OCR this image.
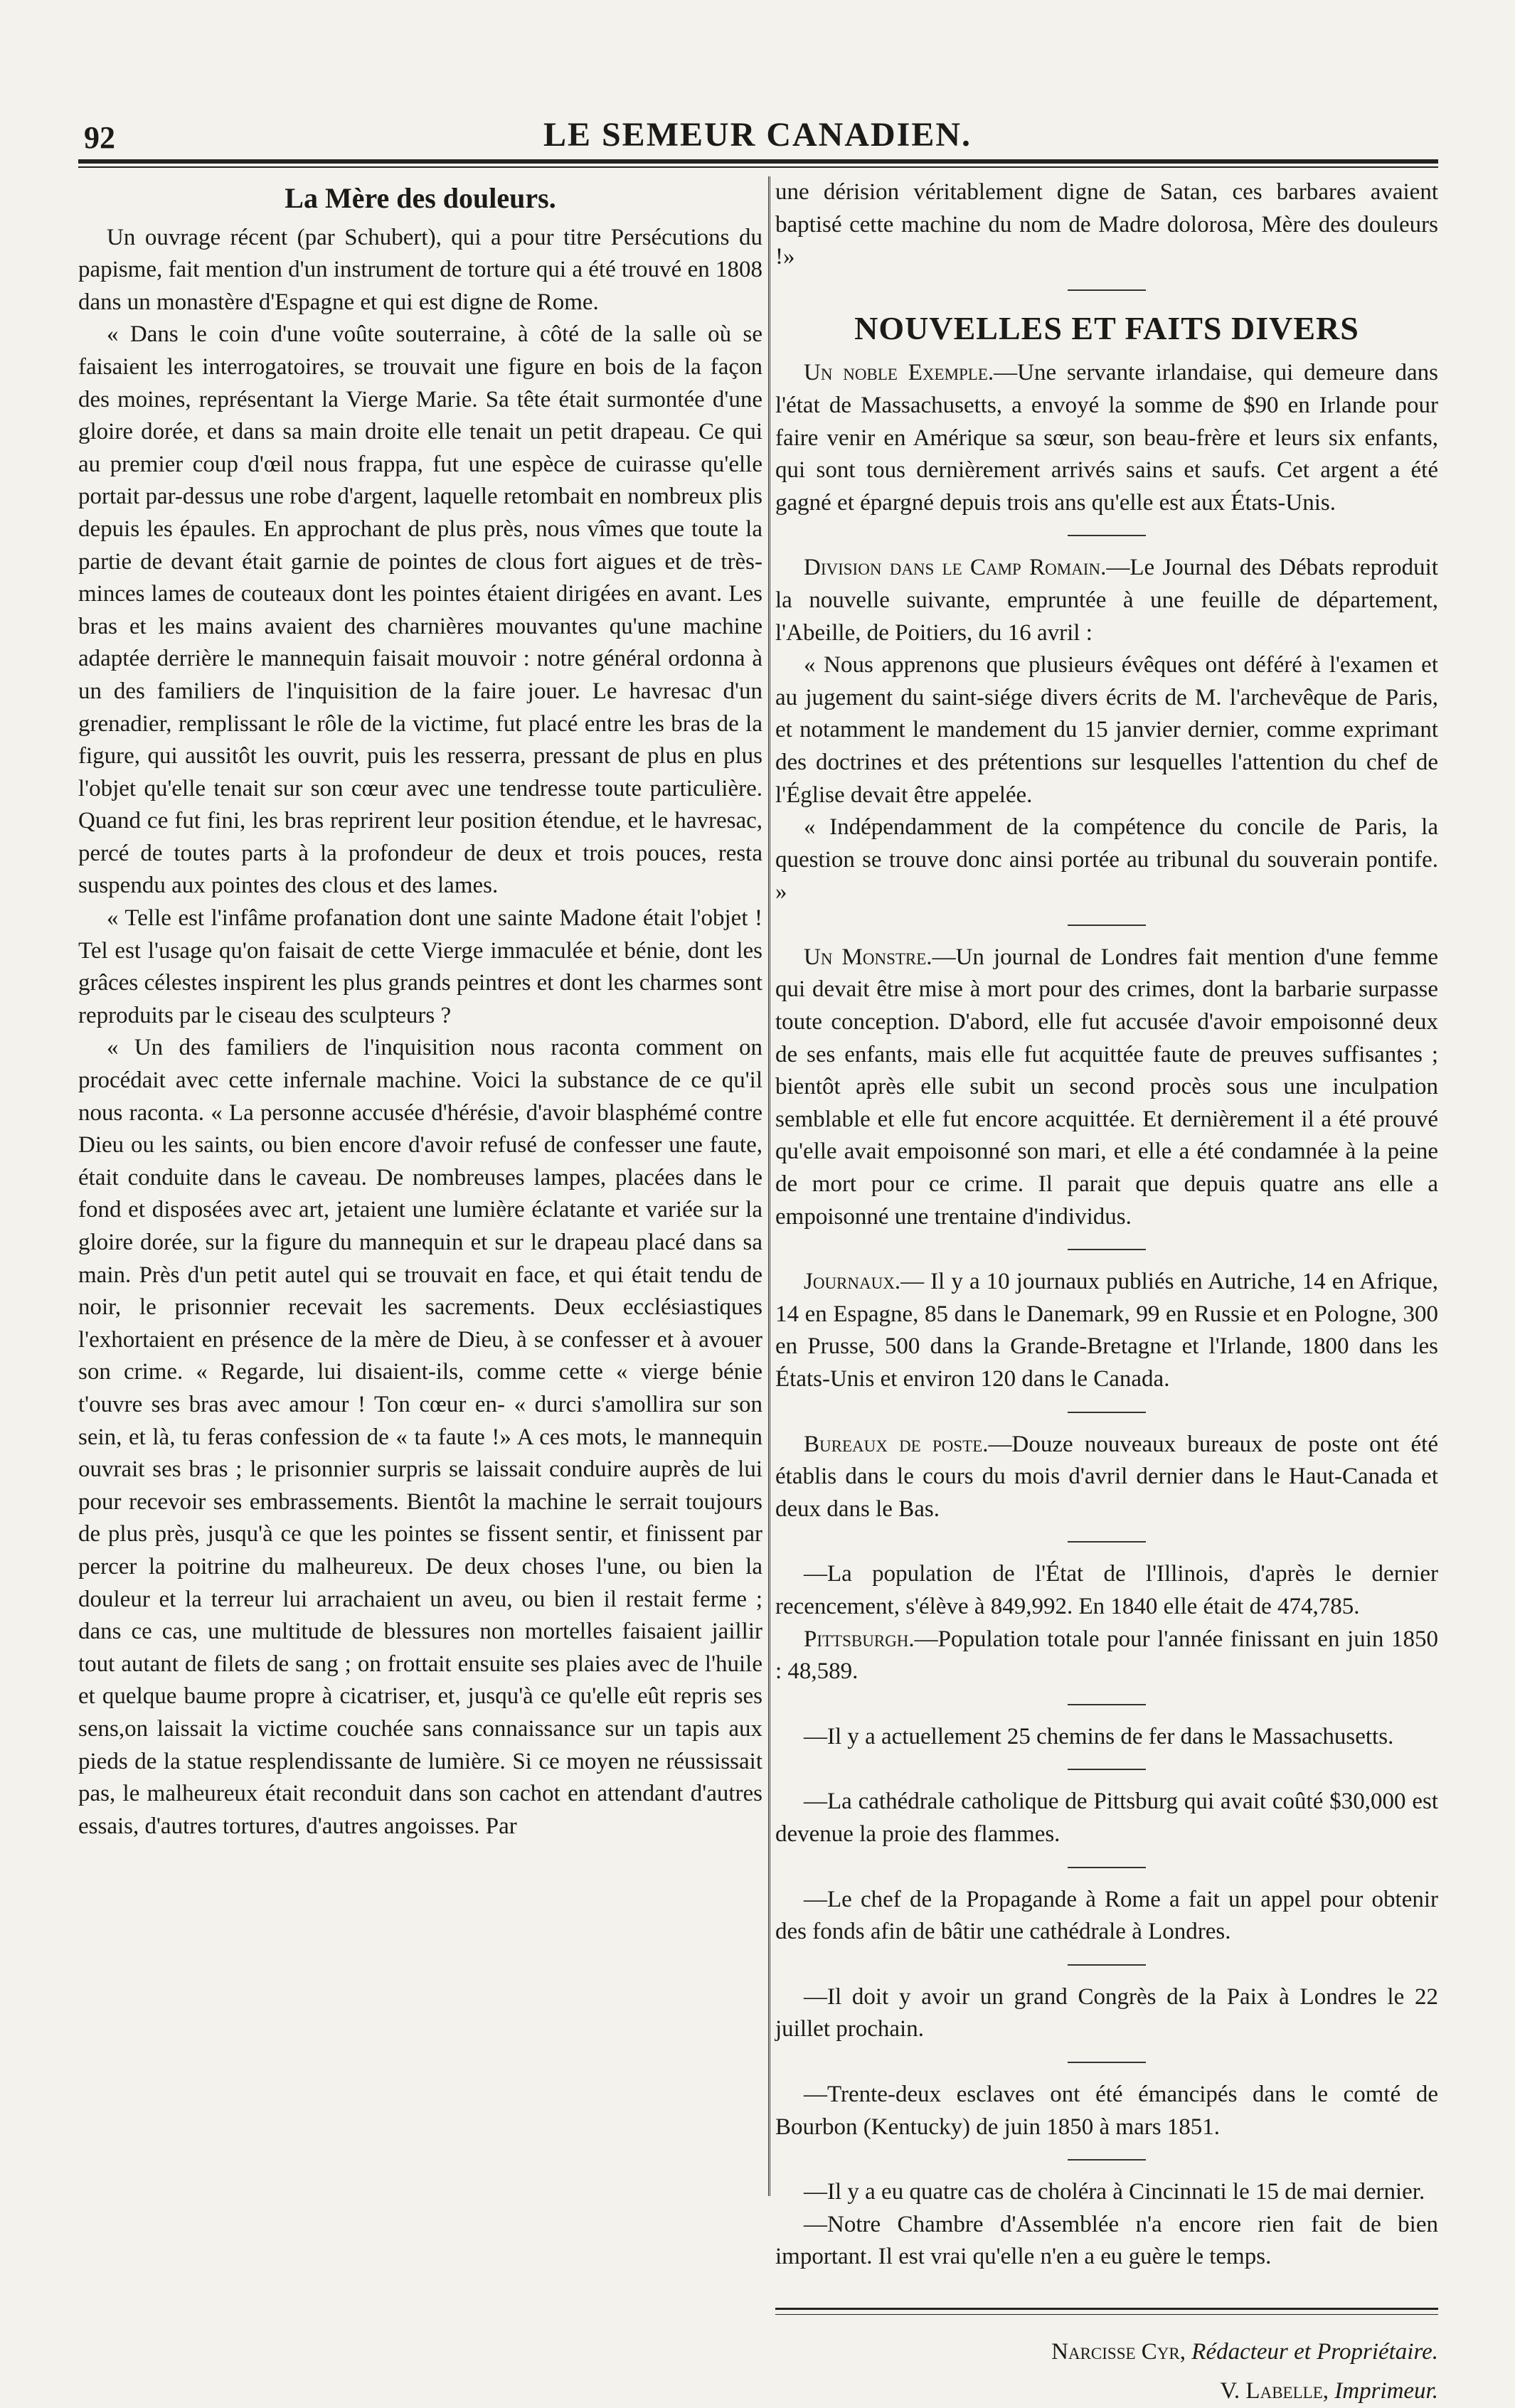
92	LE SEMEUR CANADIEN.

La Mère des douleurs.

Un ouvrage récent (par Schubert), qui a pour titre Persécutions du papisme, fait mention d'un instrument de torture qui a été trouvé en 1808 dans un monastère d'Espagne et qui est digne de Rome.

« Dans le coin d'une voûte souterraine, à côté de la salle où se faisaient les interrogatoires, se trouvait une figure en bois de la façon des moines, représentant la Vierge Marie. Sa tête était surmontée d'une gloire dorée, et dans sa main droite elle tenait un petit drapeau. Ce qui au premier coup d'œil nous frappa, fut une espèce de cuirasse qu'elle portait par-dessus une robe d'argent, laquelle retombait en nombreux plis depuis les épaules. En approchant de plus près, nous vîmes que toute la partie de devant était garnie de pointes de clous fort aigues et de très-minces lames de couteaux dont les pointes étaient dirigées en avant. Les bras et les mains avaient des charnières mouvantes qu'une machine adaptée derrière le mannequin faisait mouvoir : notre général ordonna à un des familiers de l'inquisition de la faire jouer. Le havresac d'un grenadier, remplissant le rôle de la victime, fut placé entre les bras de la figure, qui aussitôt les ouvrit, puis les resserra, pressant de plus en plus l'objet qu'elle tenait sur son cœur avec une tendresse toute particulière. Quand ce fut fini, les bras reprirent leur position étendue, et le havresac, percé de toutes parts à la profondeur de deux et trois pouces, resta suspendu aux pointes des clous et des lames.

« Telle est l'infâme profanation dont une sainte Madone était l'objet ! Tel est l'usage qu'on faisait de cette Vierge immaculée et bénie, dont les grâces célestes inspirent les plus grands peintres et dont les charmes sont reproduits par le ciseau des sculpteurs ?

« Un des familiers de l'inquisition nous raconta comment on procédait avec cette infernale machine. Voici la substance de ce qu'il nous raconta. « La personne accusée d'hérésie, d'avoir blasphémé contre Dieu ou les saints, ou bien encore d'avoir refusé de confesser une faute, était conduite dans le caveau. De nombreuses lampes, placées dans le fond et disposées avec art, jetaient une lumière éclatante et variée sur la gloire dorée, sur la figure du mannequin et sur le drapeau placé dans sa main. Près d'un petit autel qui se trouvait en face, et qui était tendu de noir, le prisonnier recevait les sacrements. Deux ecclésiastiques l'exhortaient en présence de la mère de Dieu, à se confesser et à avouer son crime. « Regarde, lui disaient-ils, comme cette « vierge bénie t'ouvre ses bras avec amour ! Ton cœur en- « durci s'amollira sur son sein, et là, tu feras confession de « ta faute !» A ces mots, le mannequin ouvrait ses bras ; le prisonnier surpris se laissait conduire auprès de lui pour recevoir ses embrassements. Bientôt la machine le serrait toujours de plus près, jusqu'à ce que les pointes se fissent sentir, et finissent par percer la poitrine du malheureux. De deux choses l'une, ou bien la douleur et la terreur lui arrachaient un aveu, ou bien il restait ferme ; dans ce cas, une multitude de blessures non mortelles faisaient jaillir tout autant de filets de sang ; on frottait ensuite ses plaies avec de l'huile et quelque baume propre à cicatriser, et, jusqu'à ce qu'elle eût repris ses sens,on laissait la victime couchée sans connaissance sur un tapis aux pieds de la statue resplendissante de lumière. Si ce moyen ne réussissait pas, le malheureux était reconduit dans son cachot en attendant d'autres essais, d'autres tortures, d'autres angoisses. Par

une dérision véritablement digne de Satan, ces barbares avaient baptisé cette machine du nom de Madre dolorosa, Mère des douleurs !»

NOUVELLES ET FAITS DIVERS

Un noble Exemple.—Une servante irlandaise, qui demeure dans l'état de Massachusetts, a envoyé la somme de $90 en Irlande pour faire venir en Amérique sa sœur, son beau-frère et leurs six enfants, qui sont tous dernièrement arrivés sains et saufs. Cet argent a été gagné et épargné depuis trois ans qu'elle est aux États-Unis.

Division dans le Camp Romain.—Le Journal des Débats reproduit la nouvelle suivante, empruntée à une feuille de département, l'Abeille, de Poitiers, du 16 avril :

« Nous apprenons que plusieurs évêques ont déféré à l'examen et au jugement du saint-siége divers écrits de M. l'archevêque de Paris, et notamment le mandement du 15 janvier dernier, comme exprimant des doctrines et des prétentions sur lesquelles l'attention du chef de l'Église devait être appelée.

« Indépendamment de la compétence du concile de Paris, la question se trouve donc ainsi portée au tribunal du souverain pontife. »

Un Monstre.—Un journal de Londres fait mention d'une femme qui devait être mise à mort pour des crimes, dont la barbarie surpasse toute conception. D'abord, elle fut accusée d'avoir empoisonné deux de ses enfants, mais elle fut acquittée faute de preuves suffisantes ; bientôt après elle subit un second procès sous une inculpation semblable et elle fut encore acquittée. Et dernièrement il a été prouvé qu'elle avait empoisonné son mari, et elle a été condamnée à la peine de mort pour ce crime. Il parait que depuis quatre ans elle a empoisonné une trentaine d'individus.

Journaux.— Il y a 10 journaux publiés en Autriche, 14 en Afrique, 14 en Espagne, 85 dans le Danemark, 99 en Russie et en Pologne, 300 en Prusse, 500 dans la Grande-Bretagne et l'Irlande, 1800 dans les États-Unis et environ 120 dans le Canada.

Bureaux de poste.—Douze nouveaux bureaux de poste ont été établis dans le cours du mois d'avril dernier dans le Haut-Canada et deux dans le Bas.

—La population de l'État de l'Illinois, d'après le dernier recencement, s'élève à 849,992. En 1840 elle était de 474,785.

Pittsburgh.—Population totale pour l'année finissant en juin 1850 : 48,589.

—Il y a actuellement 25 chemins de fer dans le Massachusetts.

—La cathédrale catholique de Pittsburg qui avait coûté $30,000 est devenue la proie des flammes.

—Le chef de la Propagande à Rome a fait un appel pour obtenir des fonds afin de bâtir une cathédrale à Londres.

—Il doit y avoir un grand Congrès de la Paix à Londres le 22 juillet prochain.

—Trente-deux esclaves ont été émancipés dans le comté de Bourbon (Kentucky) de juin 1850 à mars 1851.

—Il y a eu quatre cas de choléra à Cincinnati le 15 de mai dernier.

—Notre Chambre d'Assemblée n'a encore rien fait de bien important. Il est vrai qu'elle n'en a eu guère le temps.

Narcisse Cyr, Rédacteur et Propriétaire.

V. Labelle, Imprimeur.
